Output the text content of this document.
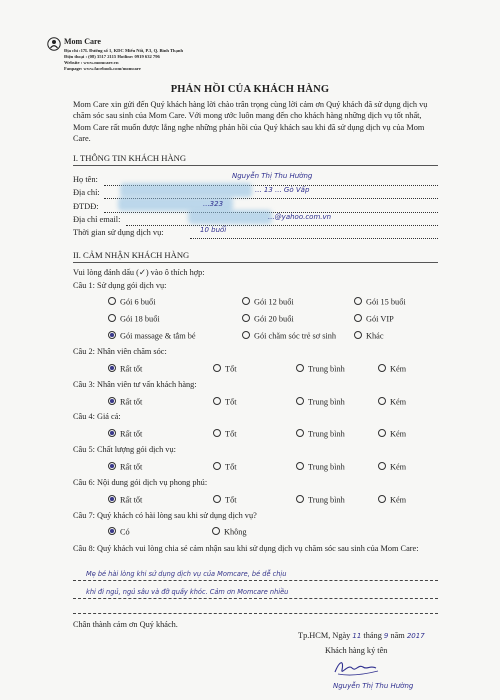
Mom Care
Địa chỉ :17L Đường số 1, KDC Miếu Nổi, P.3, Q. Bình Thạnh
Điện thoại : (08) 3517 2115 Hotline: 0919 632 796
Website : www.momcare.vn
Fanpage: www.facebook.com/momcare
PHẢN HỒI CỦA KHÁCH HÀNG
Mom Care xin gửi đến Quý khách hàng lời chào trân trọng cùng lời cảm ơn Quý khách đã sử dụng dịch vụ chăm sóc sau sinh của Mom Care. Với mong ước luôn mang đến cho khách hàng những dịch vụ tốt nhất, Mom Care rất muốn được lắng nghe những phản hồi của Quý khách sau khi đã sử dụng dịch vụ của Mom Care.
I. THÔNG TIN KHÁCH HÀNG
Họ tên:	Nguyễn Thị Thu Hường
Địa chỉ:	... 13 ... Gò Vấp
ĐTDĐ:	...323
Địa chỉ email:	...@yahoo.com.vn
Thời gian sử dụng dịch vụ:	10 buổi
II. CẢM NHẬN KHÁCH HÀNG
Vui lòng đánh dấu (✓) vào ô thích hợp:
Câu 1: Sử dụng gói dịch vụ:
Gói 6 buổi	Gói 12 buổi	Gói 15 buổi
Gói 18 buổi	Gói 20 buổi	Gói VIP
Gói massage & tắm bé	Gói chăm sóc trẻ sơ sinh	Khác
Câu 2: Nhân viên chăm sóc:
Rất tốt	Tốt	Trung bình	Kém
Câu 3: Nhân viên tư vấn khách hàng:
Rất tốt	Tốt	Trung bình	Kém
Câu 4: Giá cả:
Rất tốt	Tốt	Trung bình	Kém
Câu 5: Chất lượng gói dịch vụ:
Rất tốt	Tốt	Trung bình	Kém
Câu 6: Nội dung gói dịch vụ phong phú:
Rất tốt	Tốt	Trung bình	Kém
Câu 7: Quý khách có hài lòng sau khi sử dụng dịch vụ?
Có	Không
Câu 8: Quý khách vui lòng chia sẻ cảm nhận sau khi sử dụng dịch vụ chăm sóc sau sinh của Mom Care:
Mẹ bé hài lòng khi sử dụng dịch vụ của Momcare, bé dễ chịu
khi đi ngủ, ngủ sâu và đỡ quấy khóc. Cảm ơn Momcare nhiều
Chân thành cảm ơn Quý khách.
Tp.HCM, Ngày 11 tháng 9 năm 2017
Khách hàng ký tên
Nguyễn Thị Thu Hường
